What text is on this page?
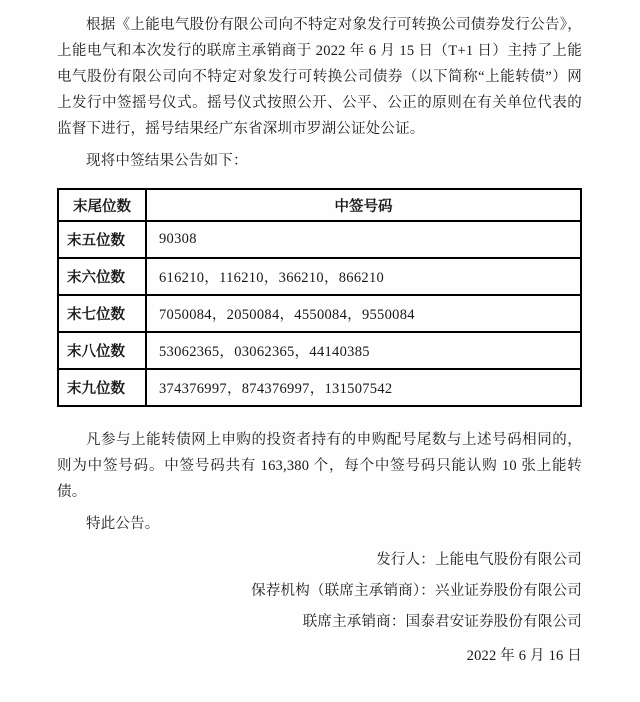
根据《上能电气股份有限公司向不特定对象发行可转换公司债券发行公告》，上能电气和本次发行的联席主承销商于 2022 年 6 月 15 日（T+1 日）主持了上能电气股份有限公司向不特定对象发行可转换公司债券（以下简称“上能转债”）网上发行中签摇号仪式。摇号仪式按照公开、公平、公正的原则在有关单位代表的监督下进行，摇号结果经广东省深圳市罗湖公证处公证。

现将中签结果公告如下：

末尾位数	中签号码
末五位数	90308
末六位数	616210，116210，366210，866210
末七位数	7050084，2050084，4550084，9550084
末八位数	53062365，03062365，44140385
末九位数	374376997，874376997，131507542

凡参与上能转债网上申购的投资者持有的申购配号尾数与上述号码相同的，则为中签号码。中签号码共有 163,380 个，每个中签号码只能认购 10 张上能转债。

特此公告。

发行人：上能电气股份有限公司

保荐机构（联席主承销商）：兴业证券股份有限公司

联席主承销商：国泰君安证券股份有限公司

2022 年 6 月 16 日
